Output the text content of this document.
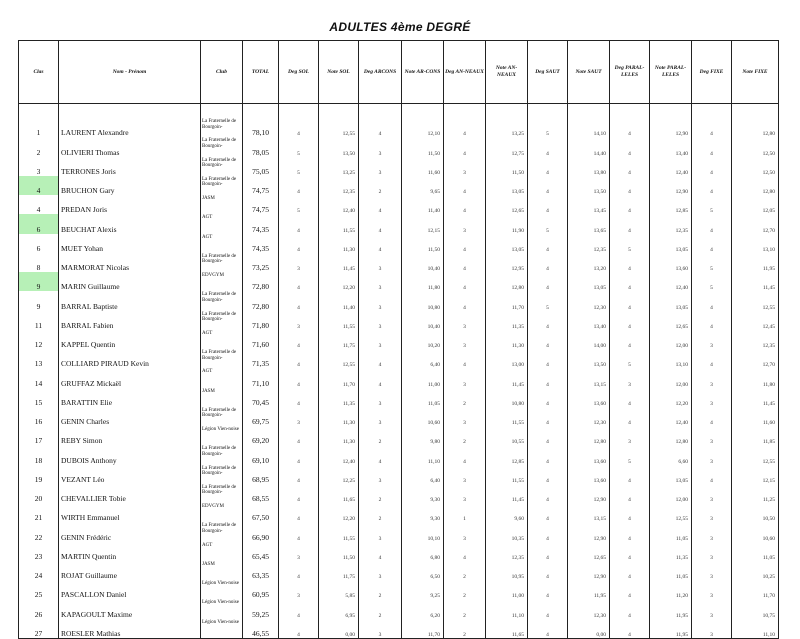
ADULTES 4ème DEGRÉ
Clas	Nom - Prénom	Club	TOTAL	Deg SOL	Note SOL	Deg ARCONS	Note AR-CONS	Deg AN-NEAUX	Note AN-NEAUX	Deg SAUT	Note SAUT	Deg PARAL-LELES	Note PARAL-LELES	Deg FIXE	Note FIXE

1	LAURENT Alexandre	La Fraternelle de Bourgoin-	78,10	4	12,55	4	12,10	4	13,25	5	14,10	4	12,90	4	12,80
2	OLIVIERI Thomas	La Fraternelle de Bourgoin-	78,05	5	13,50	3	11,50	4	12,75	4	14,40	4	13,40	4	12,50
3	TERRONES Joris	La Fraternelle de Bourgoin-	75,05	5	13,25	3	11,60	3	11,50	4	13,80	4	12,40	4	12,50
4	BRUCHON Gary	La Fraternelle de Bourgoin-	74,75	4	12,35	2	9,65	4	13,05	4	13,50	4	12,90	4	12,80
4	PREDAN Joris	JASM	74,75	5	12,40	4	11,40	4	12,65	4	13,45	4	12,85	5	12,05
6	BEUCHAT Alexis	AGT	74,35	4	11,55	4	12,15	3	11,90	5	13,65	4	12,35	4	12,70
6	MUET Yohan	AGT	74,35	4	11,30	4	11,50	4	13,05	4	12,35	5	13,05	4	13,10
8	MARMORAT Nicolas	La Fraternelle de Bourgoin-	73,25	3	11,45	3	10,40	4	12,95	4	13,20	4	13,60	5	11,95
9	MARIN Guillaume	EDVGYM	72,80	4	12,20	3	11,80	4	12,80	4	13,05	4	12,40	5	11,45
9	BARRAL Baptiste	La Fraternelle de Bourgoin-	72,80	4	11,40	3	10,80	4	11,70	5	12,30	4	13,05	4	12,55
11	BARRAL Fabien	La Fraternelle de Bourgoin-	71,80	3	11,55	3	10,40	3	11,35	4	13,40	4	12,65	4	12,45
12	KAPPEL Quentin	AGT	71,60	4	11,75	3	10,20	3	11,30	4	14,00	4	12,00	3	12,35
13	COLLIARD PIRAUD Kevin	La Fraternelle de Bourgoin-	71,35	4	12,55	4	6,40	4	13,00	4	13,50	5	13,10	4	12,70
14	GRUFFAZ Mickaël	AGT	71,10	4	11,70	4	11,00	3	11,45	4	13,15	3	12,00	3	11,80
15	BARATTIN Elie	JASM	70,45	4	11,35	3	11,05	2	10,80	4	13,60	4	12,20	3	11,45
16	GENIN Charles	La Fraternelle de Bourgoin-	69,75	3	11,30	3	10,60	3	11,55	4	12,30	4	12,40	4	11,60
17	REBY Simon	Légion Vien-noise	69,20	4	11,30	2	9,80	2	10,55	4	12,80	3	12,80	3	11,85
18	DUBOIS Anthony	La Fraternelle de Bourgoin-	69,10	4	12,40	4	11,10	4	12,85	4	13,60	5	6,60	3	12,55
19	VEZANT Léo	La Fraternelle de Bourgoin-	68,95	4	12,25	3	6,40	3	11,55	4	13,60	4	13,05	4	12,15
20	CHEVALLIER Tobie	La Fraternelle de Bourgoin-	68,55	4	11,65	2	9,30	3	11,45	4	12,90	4	12,00	3	11,25
21	WIRTH Emmanuel	EDVGYM	67,50	4	12,20	2	9,30	1	9,60	4	13,15	4	12,55	3	10,50
22	GENIN Frédéric	La Fraternelle de Bourgoin-	66,90	4	11,55	3	10,10	3	10,35	4	12,90	4	11,05	3	10,60
23	MARTIN Quentin	AGT	65,45	3	11,50	4	6,80	4	12,35	4	12,65	4	11,35	3	11,05
24	ROJAT Guillaume	JASM	63,35	4	11,75	3	6,50	2	10,95	4	12,90	4	11,05	3	10,25
25	PASCALLON Daniel	Légion Vien-noise	60,95	3	5,85	2	9,25	2	11,00	4	11,95	4	11,20	3	11,70
26	KAPAGOULT Maxime	Légion Vien-noise	59,25	4	6,95	2	6,20	2	11,10	4	12,30	4	11,95	3	10,75
27	ROESLER Mathias	Légion Vien-noise	46,55	4	0,00	3	11,70	2	11,65	4	0,00	4	11,95	3	11,10
